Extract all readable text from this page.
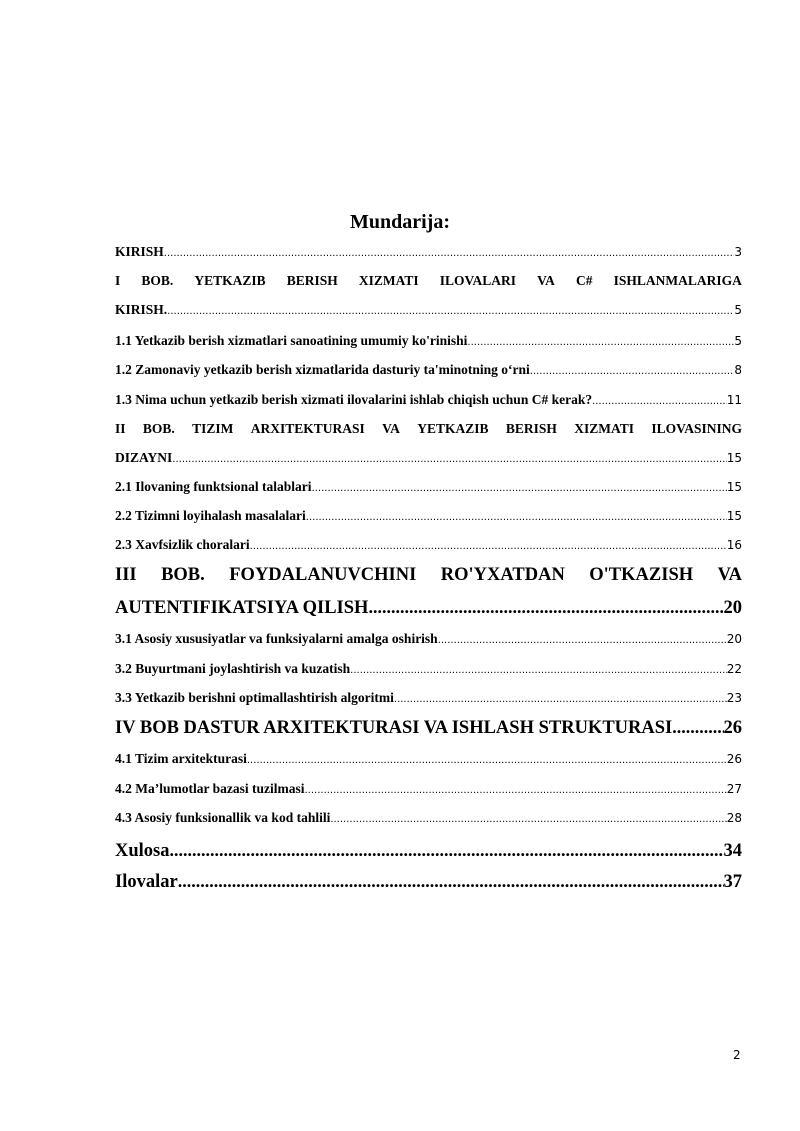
Mundarija:
KIRISH .....	3
I BOB. YETKAZIB BERISH XIZMATI ILOVALARI VA C# ISHLANMALARIGA
KIRISH. .....	5
1.1 Yetkazib berish xizmatlari sanoatining umumiy ko'rinishi .....	5
1.2 Zamonaviy yetkazib berish xizmatlarida dasturiy ta'minotning o‘rni .....	8
1.3 Nima uchun yetkazib berish xizmati ilovalarini ishlab chiqish uchun C# kerak? .....	11
II BOB. TIZIM ARXITEKTURASI VA YETKAZIB BERISH XIZMATI ILOVASINING
DIZAYNI .....	15
2.1 Ilovaning funktsional talablari .....	15
2.2 Tizimni loyihalash masalalari .....	15
2.3 Xavfsizlik choralari .....	16
III BOB. FOYDALANUVCHINI RO'YXATDAN O'TKAZISH VA
AUTENTIFIKATSIYA QILISH .....	20
3.1 Asosiy xususiyatlar va funksiyalarni amalga oshirish .....	20
3.2 Buyurtmani joylashtirish va kuzatish .....	22
3.3 Yetkazib berishni optimallashtirish algoritmi .....	23
IV BOB DASTUR ARXITEKTURASI VA ISHLASH STRUKTURASI .....	26
4.1 Tizim arxitekturasi .....	26
4.2 Ma’lumotlar bazasi tuzilmasi .....	27
4.3 Asosiy funksionallik va kod tahlili .....	28
Xulosa .....	34
Ilovalar .....	37
2
